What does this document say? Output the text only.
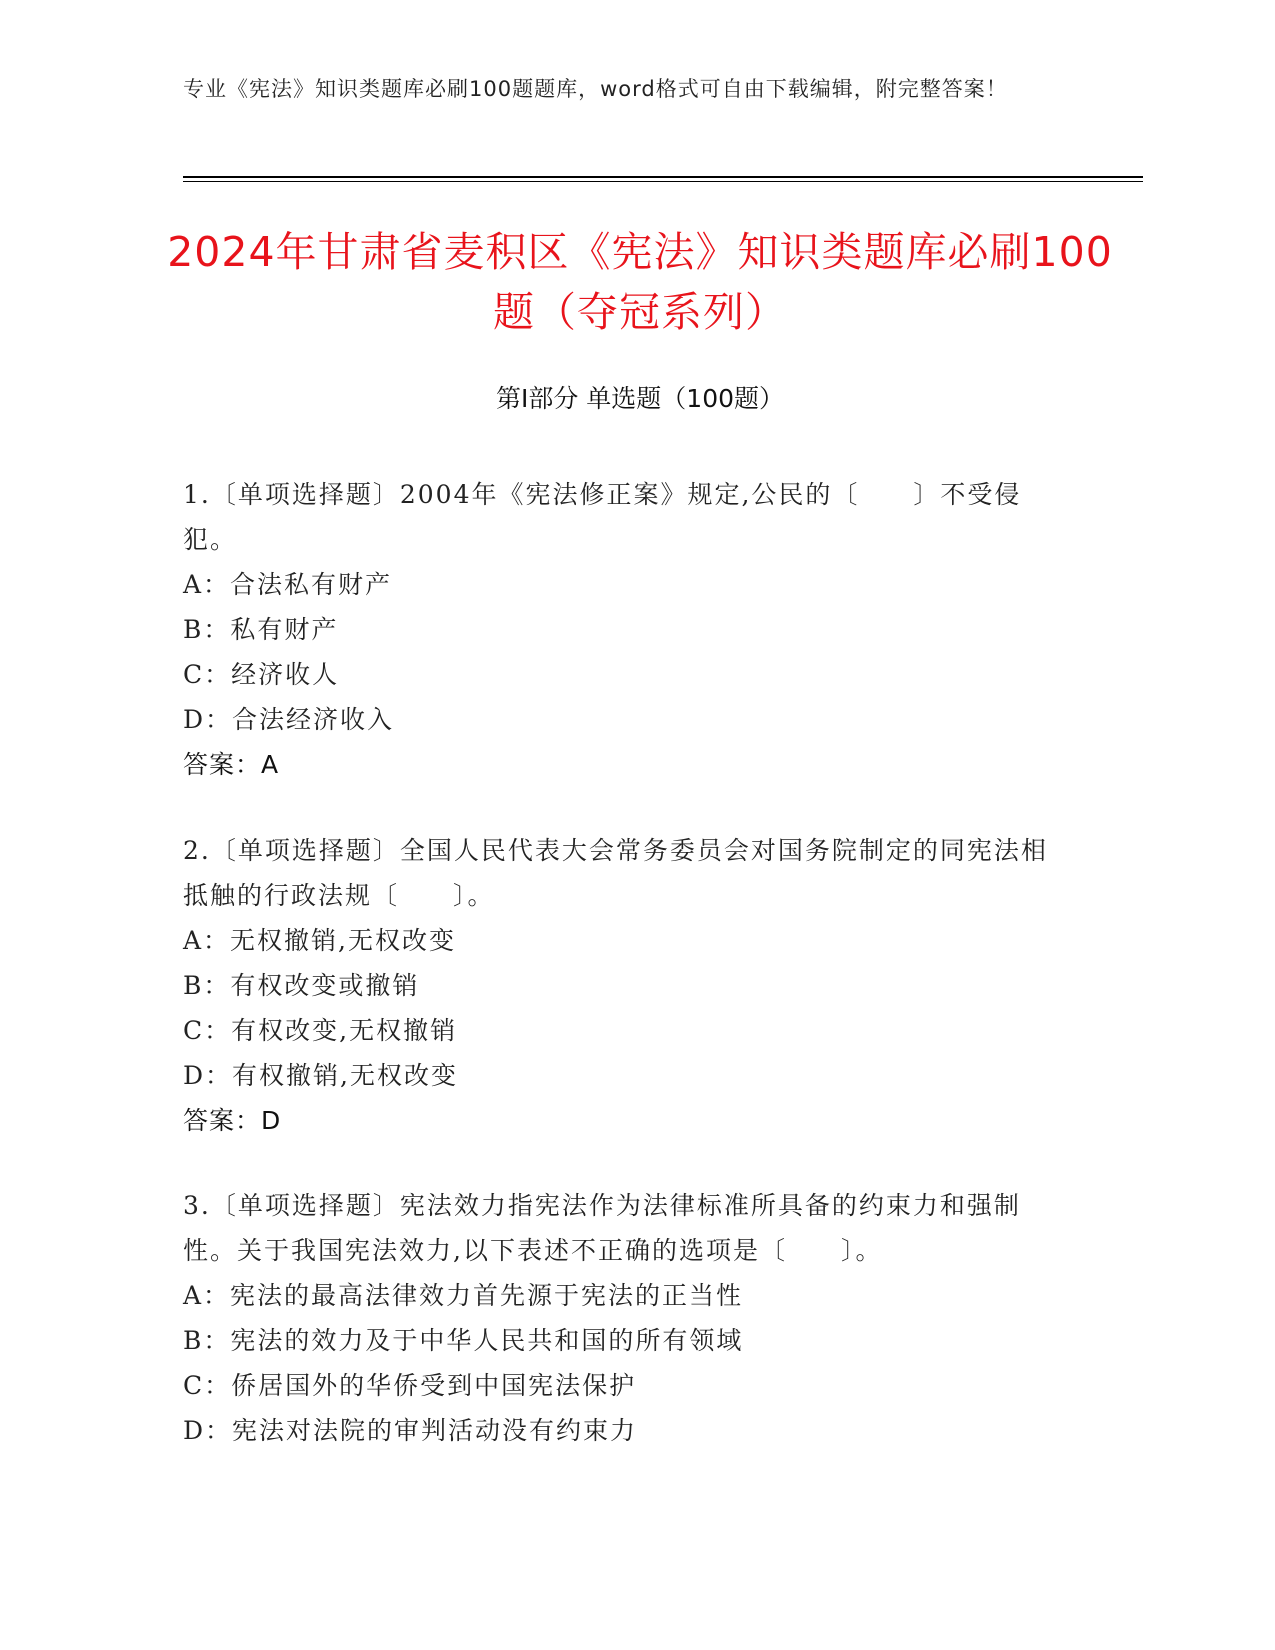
专业《宪法》知识类题库必刷100题题库，word格式可自由下载编辑，附完整答案！
2024年甘肃省麦积区《宪法》知识类题库必刷100题（夺冠系列）
第Ⅰ部分 单选题（100题）

1.〔单项选择题〕2004年《宪法修正案》规定,公民的〔　　〕不受侵犯。

A：合法私有财产

B：私有财产

C：经济收人

D：合法经济收入

答案：A

2.〔单项选择题〕全国人民代表大会常务委员会对国务院制定的同宪法相抵触的行政法规〔　　〕。

A：无权撤销,无权改变

B：有权改变或撤销

C：有权改变,无权撤销

D：有权撤销,无权改变

答案：D

3.〔单项选择题〕宪法效力指宪法作为法律标准所具备的约束力和强制性。关于我国宪法效力,以下表述不正确的选项是〔　　〕。

A：宪法的最高法律效力首先源于宪法的正当性

B：宪法的效力及于中华人民共和国的所有领域

C：侨居国外的华侨受到中国宪法保护

D：宪法对法院的审判活动没有约束力
